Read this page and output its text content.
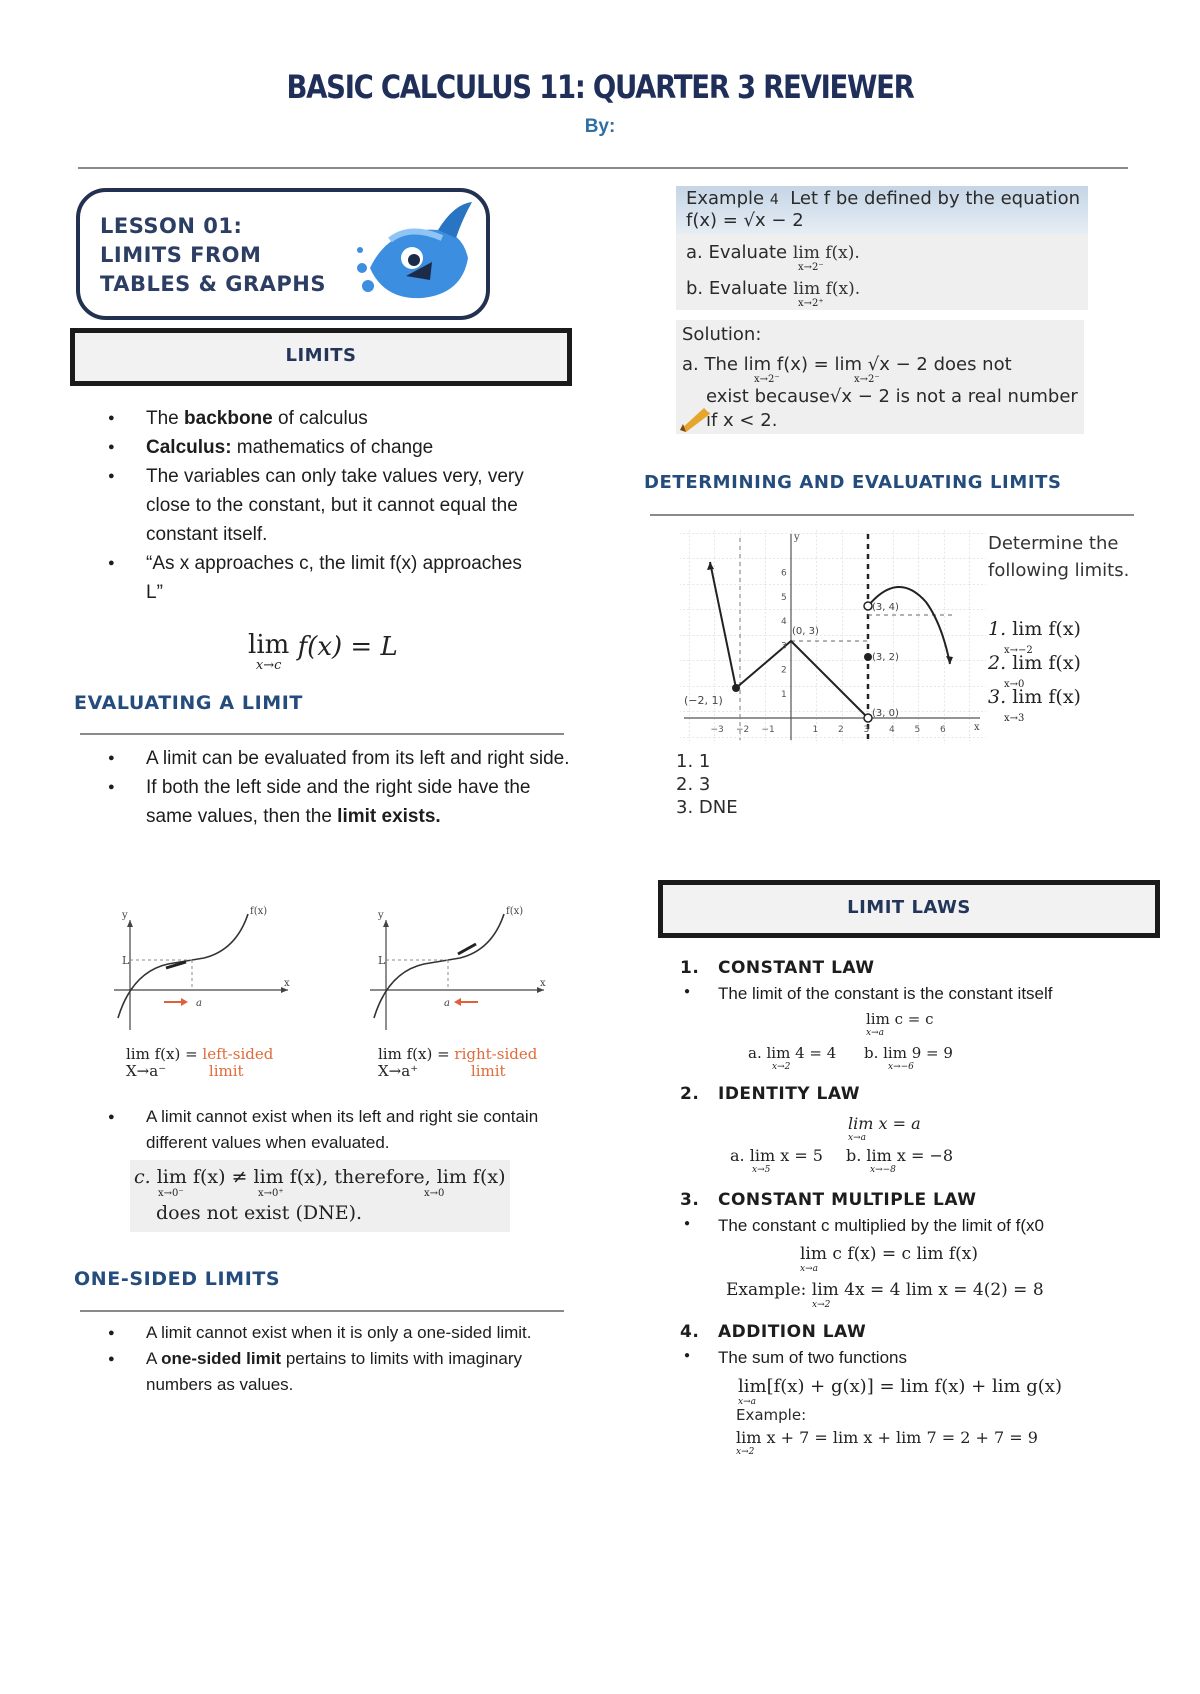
BASIC CALCULUS 11: QUARTER 3 REVIEWER
By:
LESSON 01:
LIMITS FROM
TABLES & GRAPHS
LIMITS
● The backbone of calculus
● Calculus: mathematics of change
● The variables can only take values very, very close to the constant, but it cannot equal the constant itself.
● “As x approaches c, the limit f(x) approaches L”
lim
x→c
f(x) = L
EVALUATING A LIMIT
● A limit can be evaluated from its left and right side.
● If both the left side and the right side have the same values, then the limit exists.
L
y
x
a
f(x)
lim f(x) = left-sided
X→a⁻	limit
L
y
x
a
f(x)
lim f(x) = right-sided
X→a⁺	limit
● A limit cannot exist when its left and right sie contain different values when evaluated.
c. lim f(x) ≠ lim f(x), therefore, lim f(x)
x→0⁻	x→0⁺	x→0
does not exist (DNE).
ONE-SIDED LIMITS
● A limit cannot exist when it is only a one-sided limit.
● A one-sided limit pertains to limits with imaginary numbers as values.
Example 4 Let f be defined by the equation
f(x) = √x − 2
a. Evaluate lim f(x).
x→2⁻
b. Evaluate lim f(x).
x→2⁺
Solution:
a. The lim f(x) = lim √x − 2 does not
x→2⁻	x→2⁻
exist because√x − 2 is not a real number
if x < 2.
DETERMINING AND EVALUATING LIMITS
(−2, 1)
(0, 3)
(3, 4)
(3, 2)
(3, 0)
y
x
−3 −2 −1	1 2 3 4 5 6
1
2
3
4
5
6
Determine the
following limits.
1. lim f(x)
x→−2
2. lim f(x)
x→0
3. lim f(x)
x→3
1. 1
2. 3
3. DNE
LIMIT LAWS
1. CONSTANT LAW
● The limit of the constant is the constant itself
lim c = c
x→a
a. lim 4 = 4
x→2
b. lim 9 = 9
x→−6
2. IDENTITY LAW
lim x = a
x→a
a. lim x = 5
x→5
b. lim x = −8
x→−8
3. CONSTANT MULTIPLE LAW
● The constant c multiplied by the limit of f(x0
lim c f(x) = c lim f(x)
x→a
Example: lim 4x = 4 lim x = 4(2) = 8
x→2
4. ADDITION LAW
● The sum of two functions
lim[f(x) + g(x)] = lim f(x) + lim g(x)
x→a
Example:
lim x + 7 = lim x + lim 7 = 2 + 7 = 9
x→2
